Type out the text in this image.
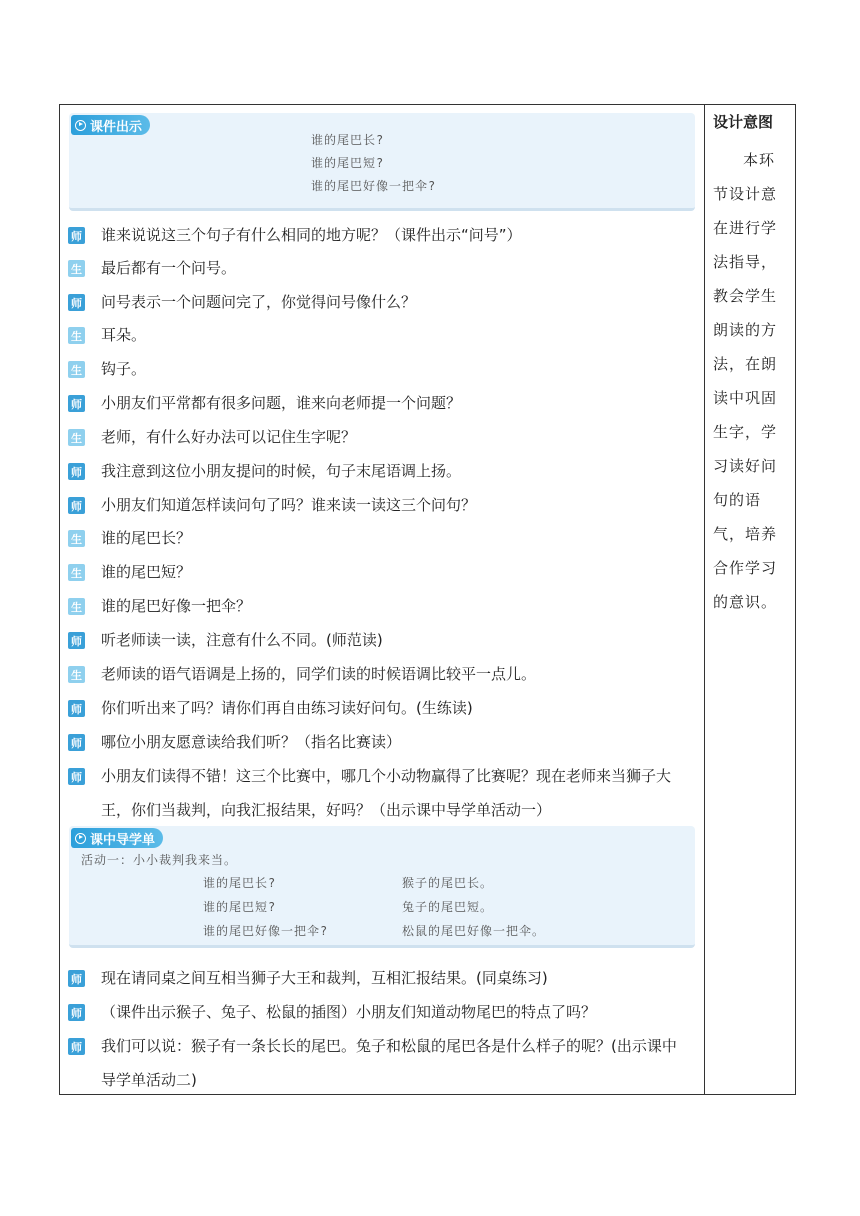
课件出示
谁的尾巴长?
谁的尾巴短?
谁的尾巴好像一把伞?
师 谁来说说这三个句子有什么相同的地方呢？（课件出示“问号”）
生 最后都有一个问号。
师 问号表示一个问题问完了，你觉得问号像什么？
生 耳朵。
生 钩子。
师 小朋友们平常都有很多问题，谁来向老师提一个问题？
生 老师，有什么好办法可以记住生字呢？
师 我注意到这位小朋友提问的时候，句子末尾语调上扬。
师 小朋友们知道怎样读问句了吗？谁来读一读这三个问句？
生 谁的尾巴长？
生 谁的尾巴短？
生 谁的尾巴好像一把伞？
师 听老师读一读，注意有什么不同。(师范读)
生 老师读的语气语调是上扬的，同学们读的时候语调比较平一点儿。
师 你们听出来了吗？请你们再自由练习读好问句。(生练读)
师 哪位小朋友愿意读给我们听？（指名比赛读）
师 小朋友们读得不错！这三个比赛中，哪几个小动物赢得了比赛呢？现在老师来当狮子大王，你们当裁判，向我汇报结果，好吗？（出示课中导学单活动一）
课中导学单
活动一：小小裁判我来当。
谁的尾巴长?
谁的尾巴短?
谁的尾巴好像一把伞?
猴子的尾巴长。
兔子的尾巴短。
松鼠的尾巴好像一把伞。
师 现在请同桌之间互相当狮子大王和裁判，互相汇报结果。(同桌练习)
师 （课件出示猴子、兔子、松鼠的插图）小朋友们知道动物尾巴的特点了吗？
师 我们可以说：猴子有一条长长的尾巴。兔子和松鼠的尾巴各是什么样子的呢？(出示课中导学单活动二)
设计意图
本环节设计意在进行学法指导，教会学生朗读的方法，在朗读中巩固生字，学习读好问句的语气，培养合作学习的意识。
